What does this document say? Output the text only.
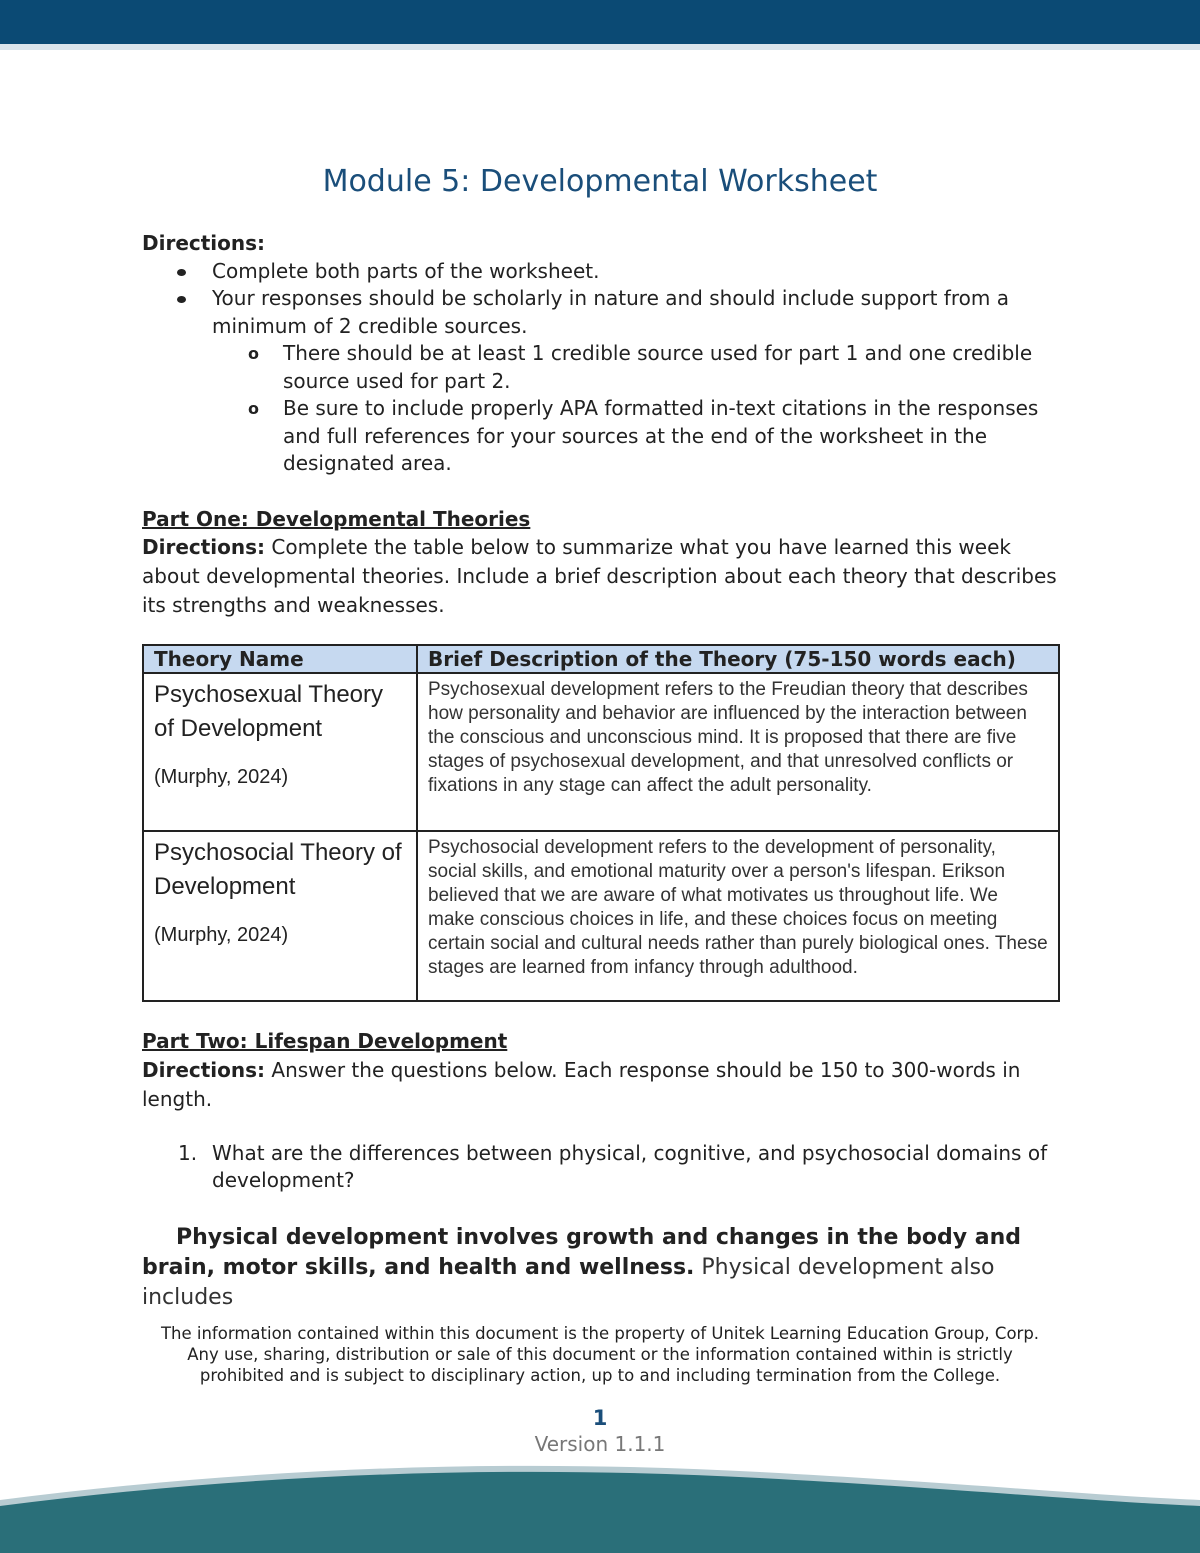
Module 5: Developmental Worksheet
Directions:
Complete both parts of the worksheet.
Your responses should be scholarly in nature and should include support from a minimum of 2 credible sources.
o There should be at least 1 credible source used for part 1 and one credible source used for part 2.
o Be sure to include properly APA formatted in-text citations in the responses and full references for your sources at the end of the worksheet in the designated area.
Part One: Developmental Theories
Directions: Complete the table below to summarize what you have learned this week about developmental theories. Include a brief description about each theory that describes its strengths and weaknesses.
Theory Name	Brief Description of the Theory (75-150 words each)
Psychosexual Theory of Development
(Murphy, 2024)	Psychosexual development refers to the Freudian theory that describes how personality and behavior are influenced by the interaction between the conscious and unconscious mind. It is proposed that there are five stages of psychosexual development, and that unresolved conflicts or fixations in any stage can affect the adult personality.
Psychosocial Theory of Development
(Murphy, 2024)	Psychosocial development refers to the development of personality, social skills, and emotional maturity over a person's lifespan. Erikson believed that we are aware of what motivates us throughout life. We make conscious choices in life, and these choices focus on meeting certain social and cultural needs rather than purely biological ones. These stages are learned from infancy through adulthood.
Part Two: Lifespan Development
Directions: Answer the questions below. Each response should be 150 to 300-words in length.
1. What are the differences between physical, cognitive, and psychosocial domains of development?
Physical development involves growth and changes in the body and brain, motor skills, and health and wellness. Physical development also includes
The information contained within this document is the property of Unitek Learning Education Group, Corp. Any use, sharing, distribution or sale of this document or the information contained within is strictly prohibited and is subject to disciplinary action, up to and including termination from the College.
1
Version 1.1.1
